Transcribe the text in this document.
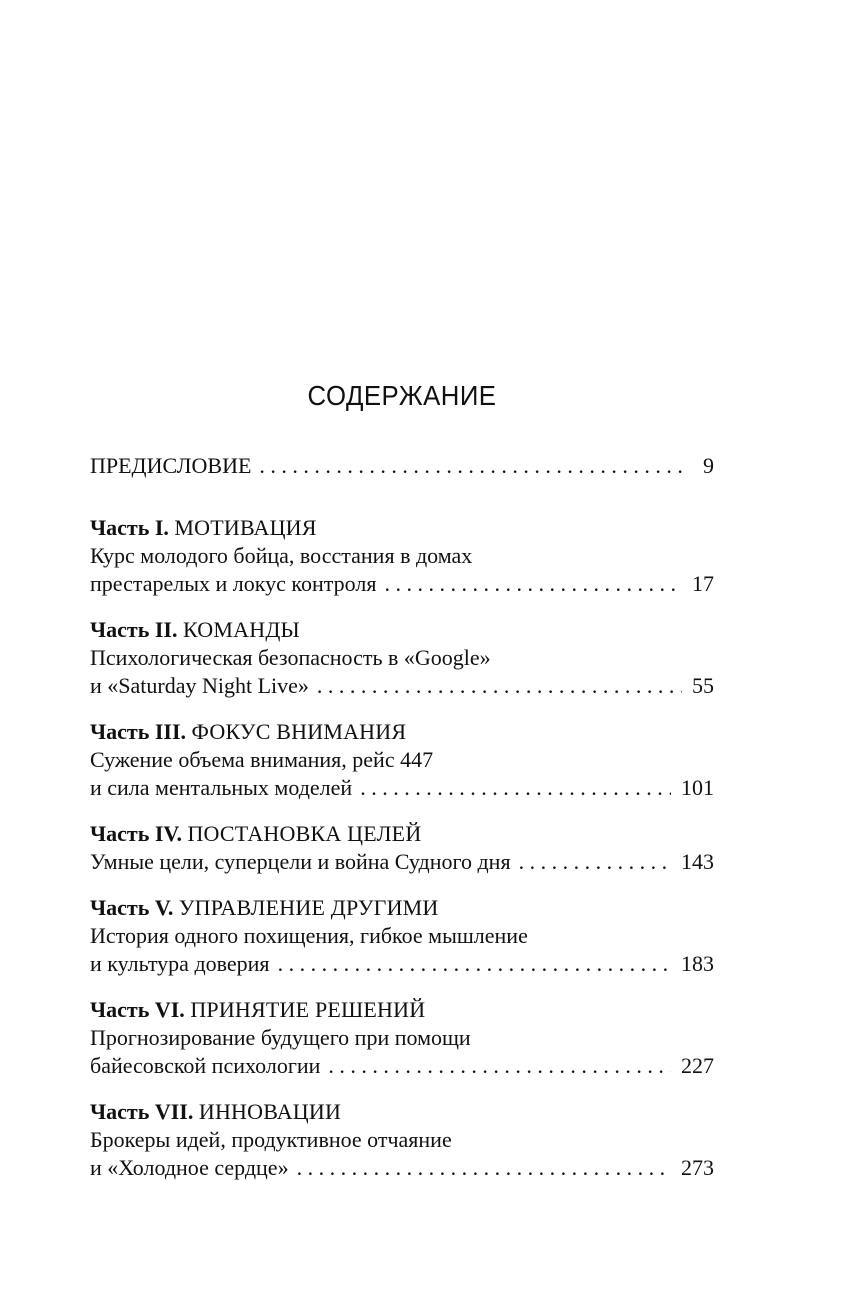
СОДЕРЖАНИЕ
ПРЕДИСЛОВИЕ . . .	9
Часть I. МОТИВАЦИЯ
Курс молодого бойца, восстания в домах
престарелых и локус контроля . . .	17
Часть II. КОМАНДЫ
Психологическая безопасность в «Google»
и «Saturday Night Live» . . .	55
Часть III. ФОКУС ВНИМАНИЯ
Сужение объема внимания, рейс 447
и сила ментальных моделей . . .	101
Часть IV. ПОСТАНОВКА ЦЕЛЕЙ
Умные цели, суперцели и война Судного дня . . .	143
Часть V. УПРАВЛЕНИЕ ДРУГИМИ
История одного похищения, гибкое мышление
и культура доверия . . .	183
Часть VI. ПРИНЯТИЕ РЕШЕНИЙ
Прогнозирование будущего при помощи
байесовской психологии . . .	227
Часть VII. ИННОВАЦИИ
Брокеры идей, продуктивное отчаяние
и «Холодное сердце» . . .	273
